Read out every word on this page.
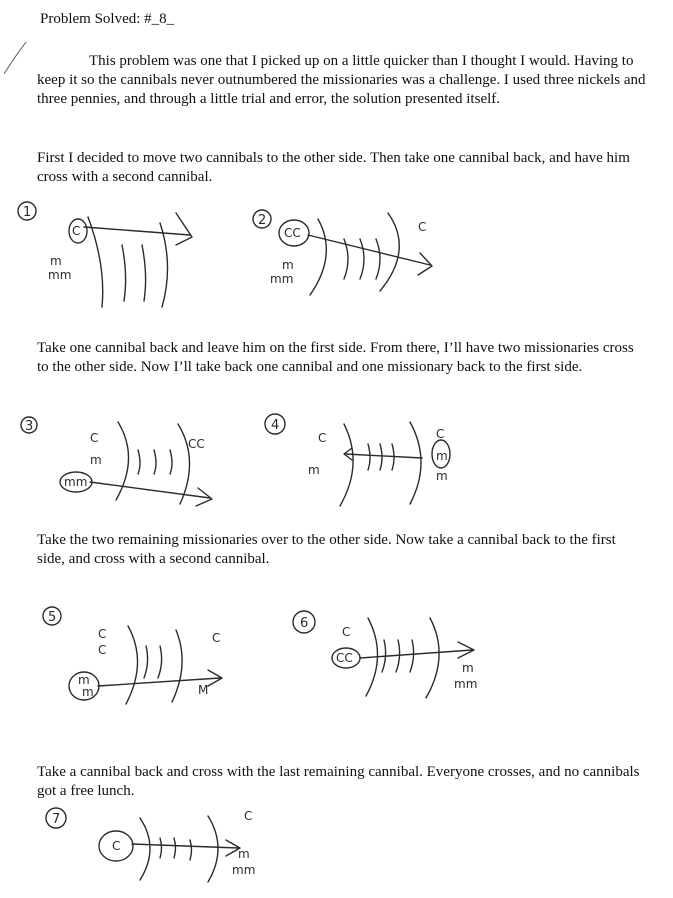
Problem Solved: #_8_

This problem was one that I picked up on a little quicker than I thought I would. Having to keep it so the cannibals never outnumbered the missionaries was a challenge. I used three nickels and three pennies, and through a little trial and error, the solution presented itself.

First I decided to move two cannibals to the other side. Then take one cannibal back, and have him cross with a second cannibal.

Take one cannibal back and leave him on the first side. From there, I’ll have two missionaries cross to the other side. Now I’ll take back one cannibal and one missionary back to the first side.

Take the two remaining missionaries over to the other side. Now take a cannibal back to the first side, and cross with a second cannibal.

Take a cannibal back and cross with the last remaining cannibal. Everyone crosses, and no cannibals got a free lunch.

1
C
m
mm
2
CC
m
mm
C
3
C
m
mm
CC
4
C
m
C
m
m
5
C
C
m
m
C
M
6
C
CC
m
mm
7
C
C
m
mm
